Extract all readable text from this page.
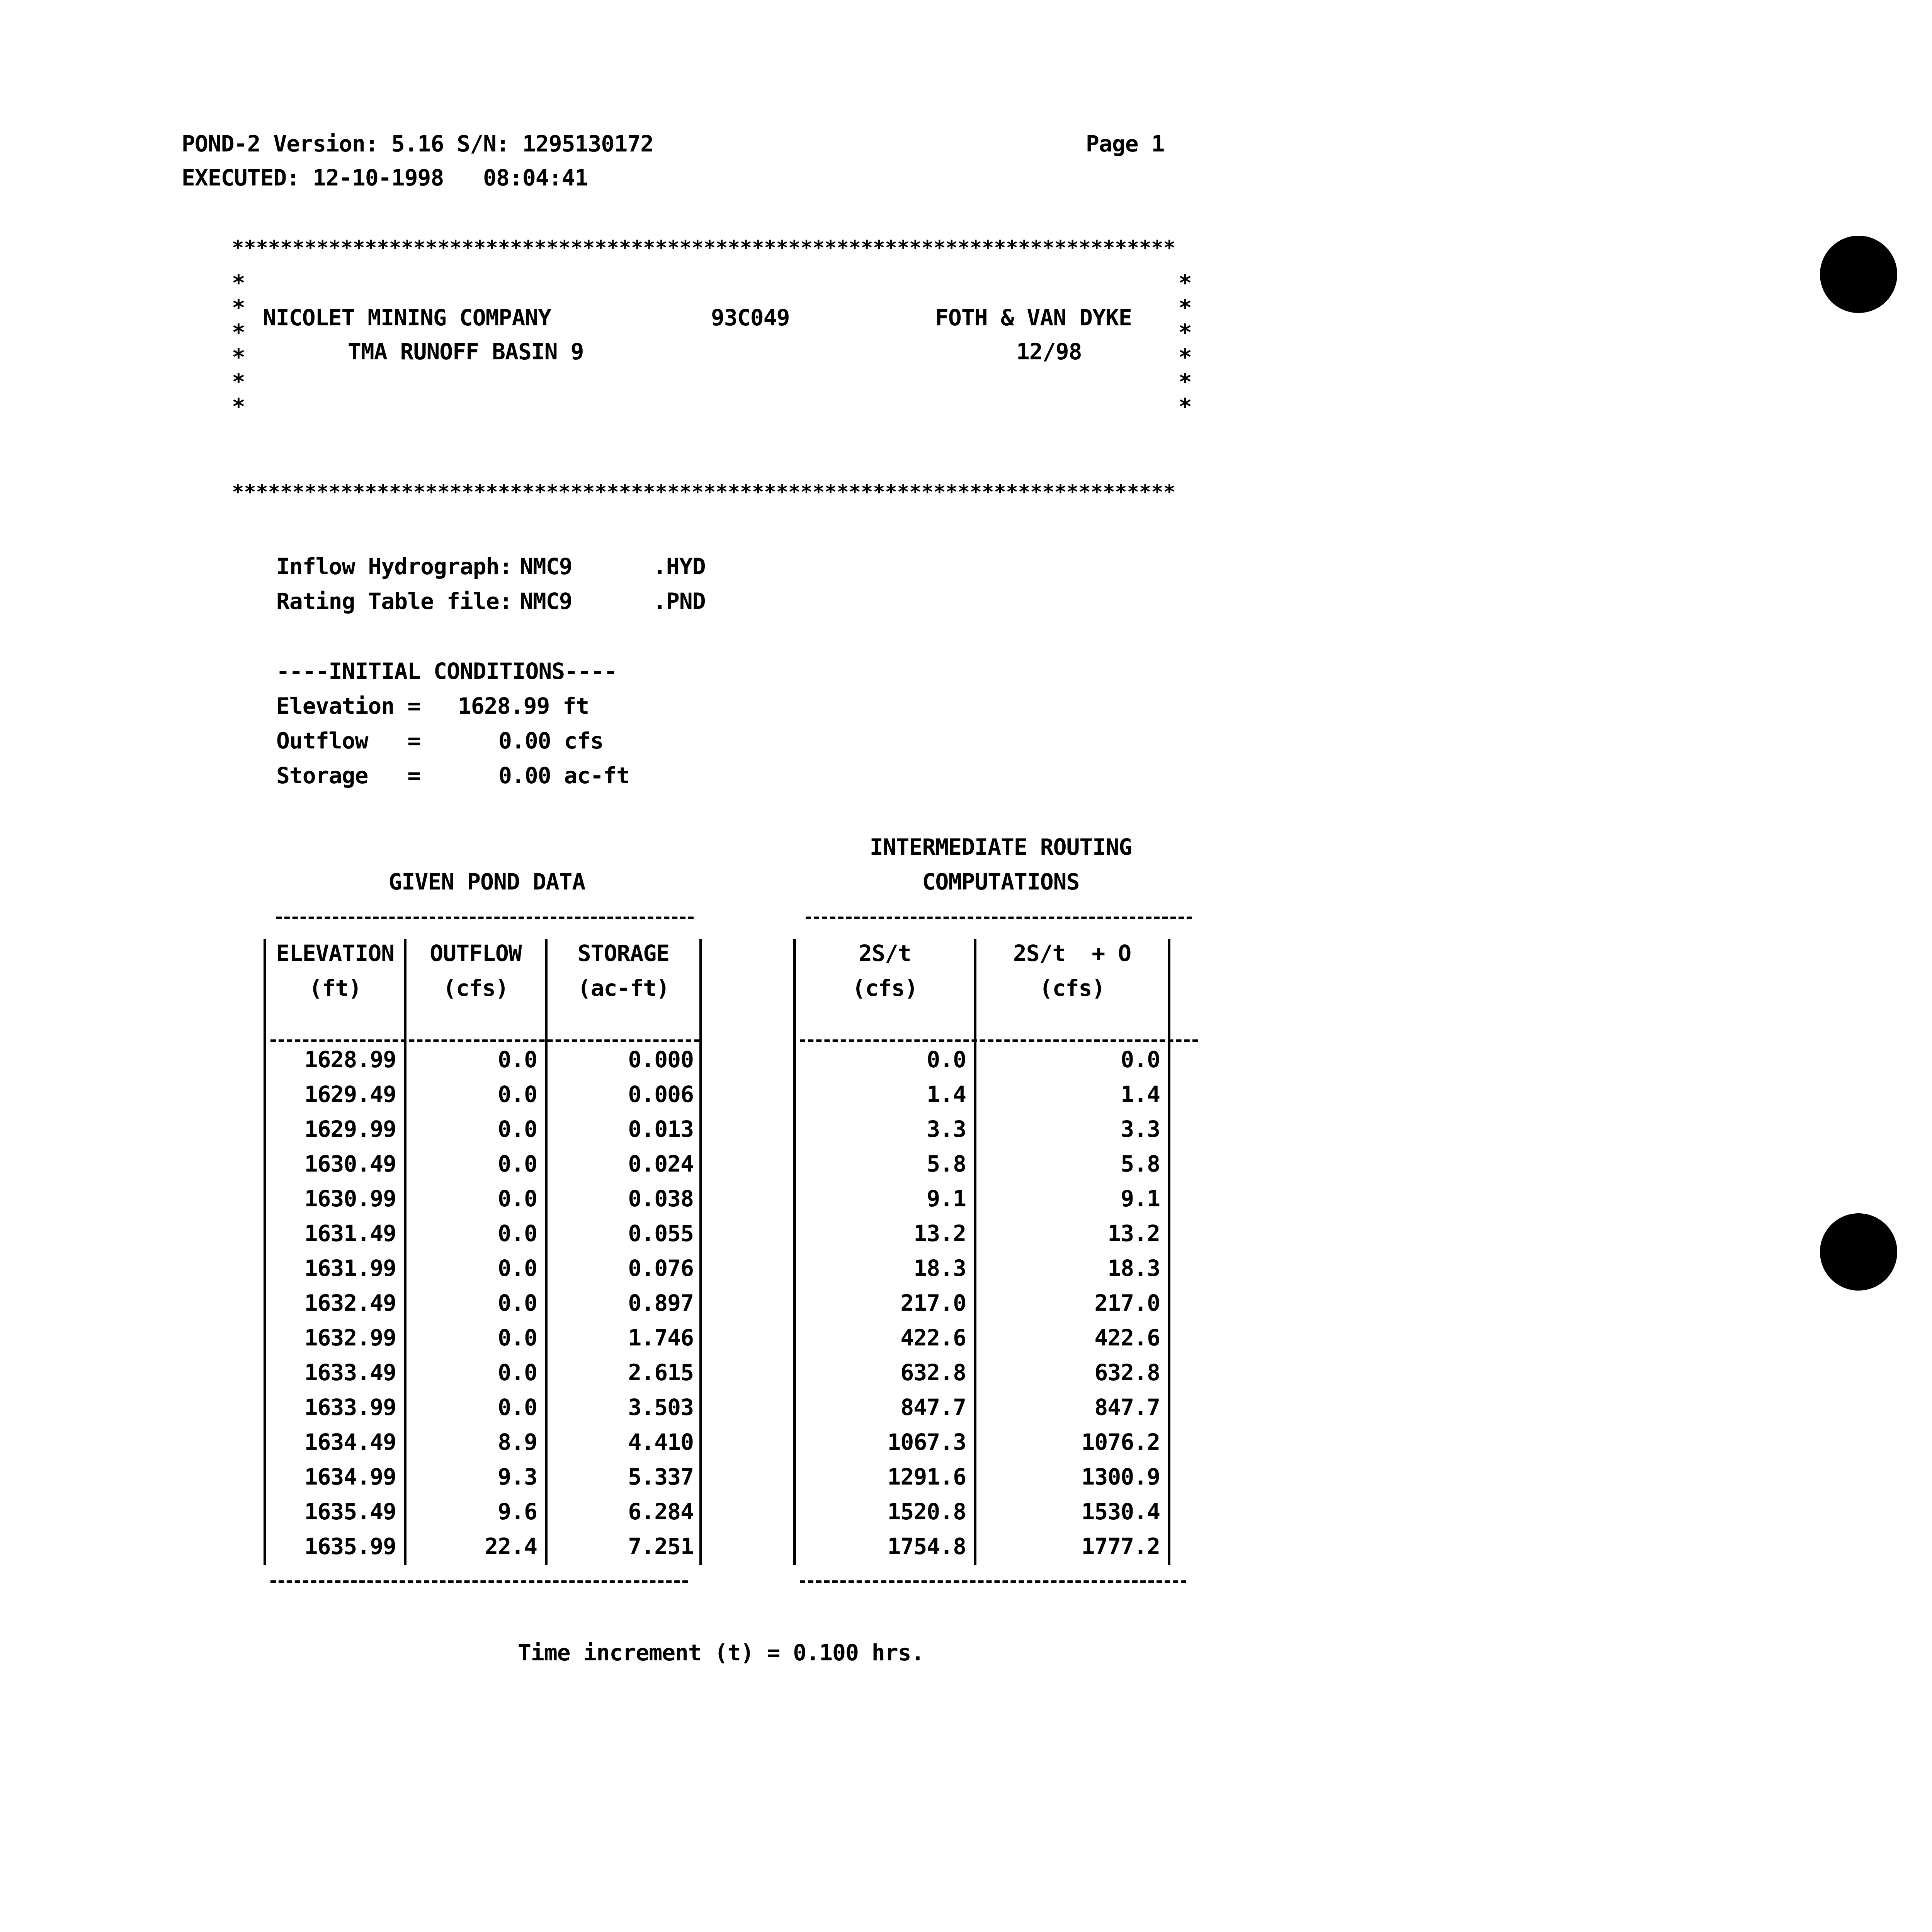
POND-2 Version: 5.16 S/N: 1295130172
EXECUTED: 12-10-1998   08:04:41
Page 1
******************************************************************************
******************************************************************************
*
*
*
*
*
*
*
*
*
*
*
*
NICOLET MINING COMPANY	93C049	FOTH & VAN DYKE
TMA RUNOFF BASIN 9	12/98
Inflow Hydrograph: NMC9	.HYD
Rating Table file: NMC9	.PND
----INITIAL CONDITIONS----
Elevation = 1628.99 ft
Outflow   =	0.00 cfs
Storage   =	0.00 ac-ft
GIVEN POND DATA
INTERMEDIATE ROUTING
COMPUTATIONS
ELEVATION
(ft)
OUTFLOW
(cfs)
STORAGE
(ac-ft)
1628.99	0.0	0.000
1629.49	0.0	0.006
1629.99	0.0	0.013
1630.49	0.0	0.024
1630.99	0.0	0.038
1631.49	0.0	0.055
1631.99	0.0	0.076
1632.49	0.0	0.897
1632.99	0.0	1.746
1633.49	0.0	2.615
1633.99	0.0	3.503
1634.49	8.9	4.410
1634.99	9.3	5.337
1635.49	9.6	6.284
1635.99	22.4	7.251
2S/t
(cfs)
2S/t  + O
(cfs)
0.0	0.0
1.4	1.4
3.3	3.3
5.8	5.8
9.1	9.1
13.2	13.2
18.3	18.3
217.0	217.0
422.6	422.6
632.8	632.8
847.7	847.7
1067.3	1076.2
1291.6	1300.9
1520.8	1530.4
1754.8	1777.2
Time increment (t) = 0.100 hrs.
